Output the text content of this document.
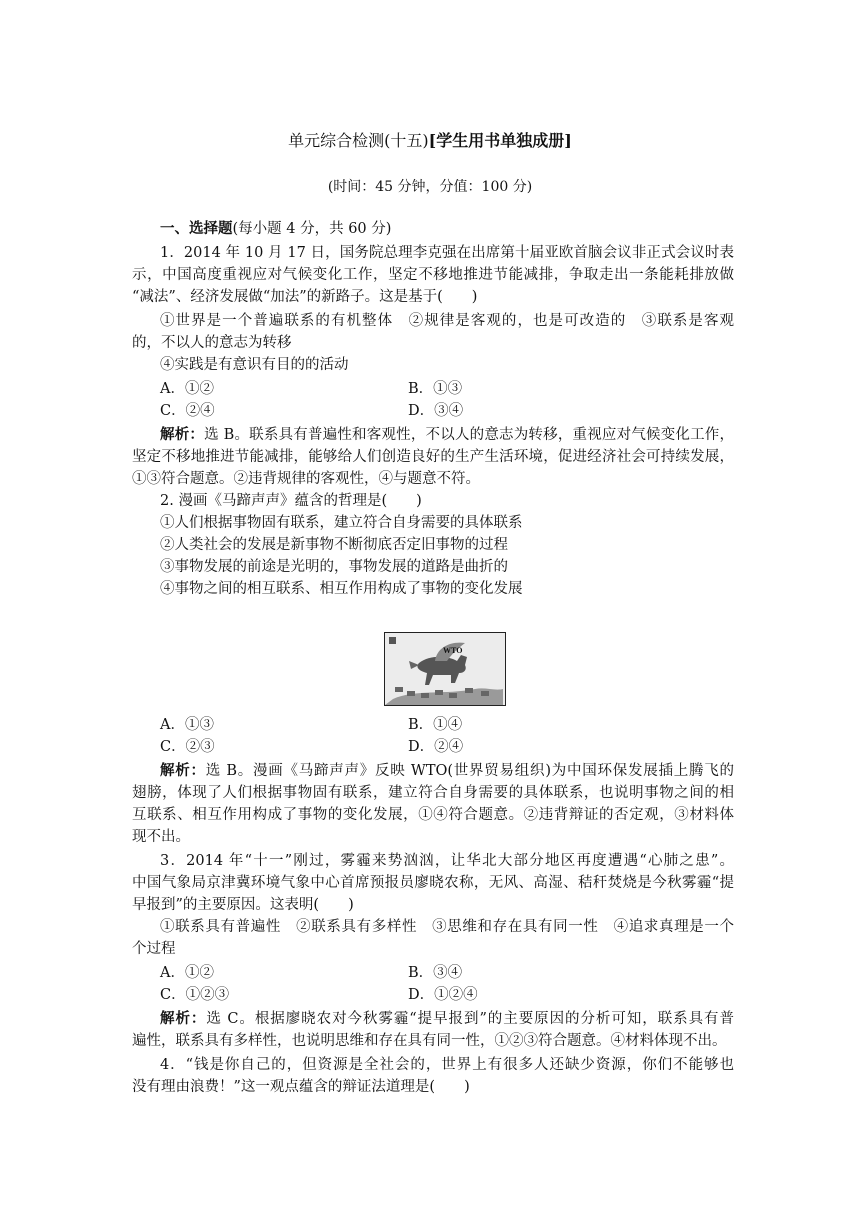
单元综合检测(十五)[学生用书单独成册]
(时间：45 分钟，分值：100 分)
一、选择题(每小题 4 分，共 60 分)
1．2014 年 10 月 17 日，国务院总理李克强在出席第十届亚欧首脑会议非正式会议时表
示，中国高度重视应对气候变化工作，坚定不移地推进节能减排，争取走出一条能耗排放做
“减法”、经济发展做“加法”的新路子。这是基于(　　)
①世界是一个普遍联系的有机整体　②规律是客观的，也是可改造的　③联系是客观
的，不以人的意志为转移
④实践是有意识有目的的活动
A．①②	B．①③
C．②④	D．③④
解析：选 B。联系具有普遍性和客观性，不以人的意志为转移，重视应对气候变化工作，
坚定不移地推进节能减排，能够给人们创造良好的生产生活环境，促进经济社会可持续发展，
①③符合题意。②违背规律的客观性，④与题意不符。
2. 漫画《马蹄声声》蕴含的哲理是(　　)
①人们根据事物固有联系，建立符合自身需要的具体联系
②人类社会的发展是新事物不断彻底否定旧事物的过程
③事物发展的前途是光明的，事物发展的道路是曲折的
④事物之间的相互联系、相互作用构成了事物的变化发展
WTO
A．①③	B．①④
C．②③	D．②④
解析：选 B。漫画《马蹄声声》反映 WTO(世界贸易组织)为中国环保发展插上腾飞的
翅膀，体现了人们根据事物固有联系，建立符合自身需要的具体联系，也说明事物之间的相
互联系、相互作用构成了事物的变化发展，①④符合题意。②违背辩证的否定观，③材料体
现不出。
3．2014 年“十一”刚过，雾霾来势汹汹，让华北大部分地区再度遭遇“心肺之患”。
中国气象局京津冀环境气象中心首席预报员廖晓农称，无风、高湿、秸秆焚烧是今秋雾霾“提
早报到”的主要原因。这表明(　　)
①联系具有普遍性　②联系具有多样性　③思维和存在具有同一性　④追求真理是一个
个过程
A．①②	B．③④
C．①②③	D．①②④
解析：选 C。根据廖晓农对今秋雾霾“提早报到”的主要原因的分析可知，联系具有普
遍性，联系具有多样性，也说明思维和存在具有同一性，①②③符合题意。④材料体现不出。
4．“钱是你自己的，但资源是全社会的，世界上有很多人还缺少资源，你们不能够也
没有理由浪费！”这一观点蕴含的辩证法道理是(　　)
